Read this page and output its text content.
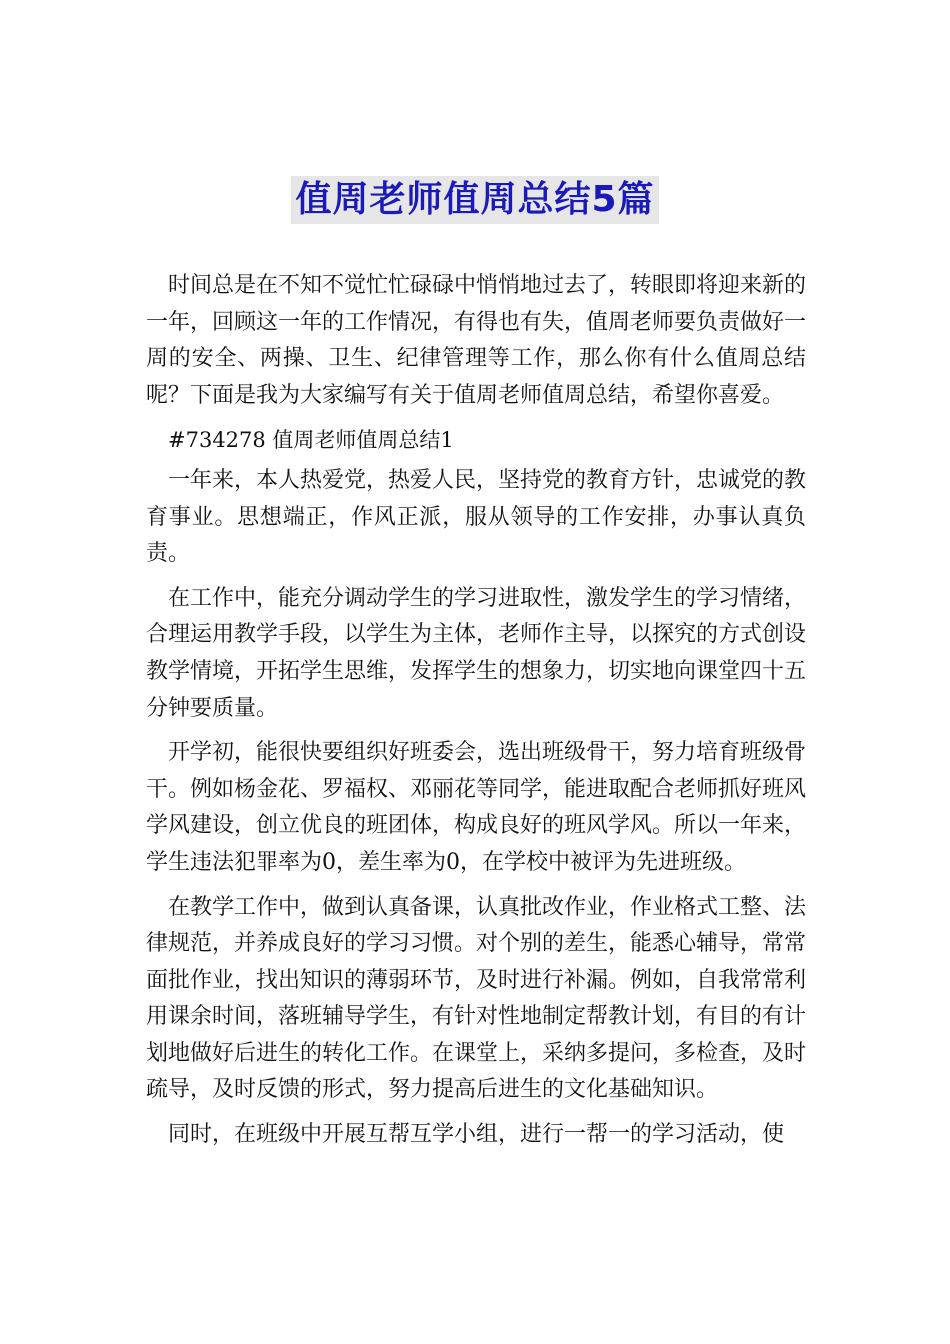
值周老师值周总结5篇

时间总是在不知不觉忙忙碌碌中悄悄地过去了，转眼即将迎来新的一年，回顾这一年的工作情况，有得也有失，值周老师要负责做好一周的安全、两操、卫生、纪律管理等工作，那么你有什么值周总结呢？下面是我为大家编写有关于值周老师值周总结，希望你喜爱。

#734278 值周老师值周总结1

一年来，本人热爱党，热爱人民，坚持党的教育方针，忠诚党的教育事业。思想端正，作风正派，服从领导的工作安排，办事认真负责。

在工作中，能充分调动学生的学习进取性，激发学生的学习情绪，合理运用教学手段，以学生为主体，老师作主导，以探究的方式创设教学情境，开拓学生思维，发挥学生的想象力，切实地向课堂四十五分钟要质量。

开学初，能很快要组织好班委会，选出班级骨干，努力培育班级骨干。例如杨金花、罗福权、邓丽花等同学，能进取配合老师抓好班风学风建设，创立优良的班团体，构成良好的班风学风。所以一年来，学生违法犯罪率为0，差生率为0，在学校中被评为先进班级。

在教学工作中，做到认真备课，认真批改作业，作业格式工整、法律规范，并养成良好的学习习惯。对个别的差生，能悉心辅导，常常面批作业，找出知识的薄弱环节，及时进行补漏。例如，自我常常利用课余时间，落班辅导学生，有针对性地制定帮教计划，有目的有计划地做好后进生的转化工作。在课堂上，采纳多提问，多检查，及时疏导，及时反馈的形式，努力提高后进生的文化基础知识。

同时，在班级中开展互帮互学小组，进行一帮一的学习活动，使
